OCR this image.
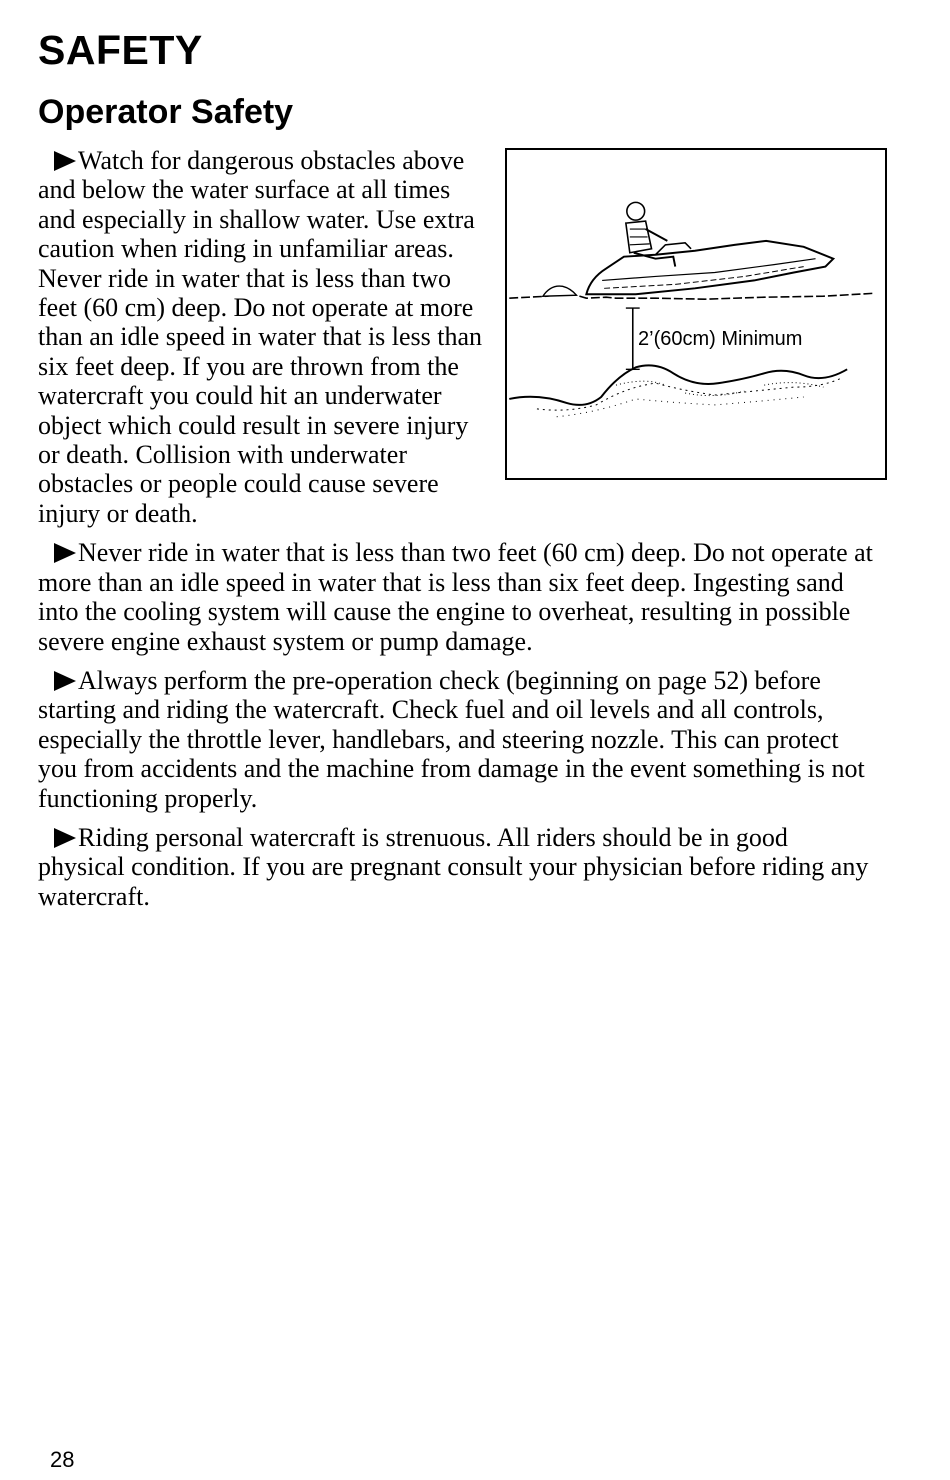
SAFETY
Operator Safety
2’(60cm) Minimum

Watch for dangerous obstacles above and below the water surface at all times and especially in shallow water. Use extra caution when riding in unfamiliar areas. Never ride in water that is less than two feet (60 cm) deep. Do not operate at more than an idle speed in water that is less than six feet deep. If you are thrown from the watercraft you could hit an underwater object which could result in severe injury or death. Collision with underwater obstacles or people could cause severe injury or death.

Never ride in water that is less than two feet (60 cm) deep. Do not operate at more than an idle speed in water that is less than six feet deep. Ingesting sand into the cooling system will cause the engine to overheat, resulting in possible severe engine exhaust system or pump damage.

Always perform the pre-operation check (beginning on page 52) before starting and riding the watercraft. Check fuel and oil levels and all controls, especially the throttle lever, handlebars, and steering nozzle. This can protect you from accidents and the machine from damage in the event something is not functioning properly.

Riding personal watercraft is strenuous. All riders should be in good physical condition. If you are pregnant consult your physician before riding any watercraft.

28
